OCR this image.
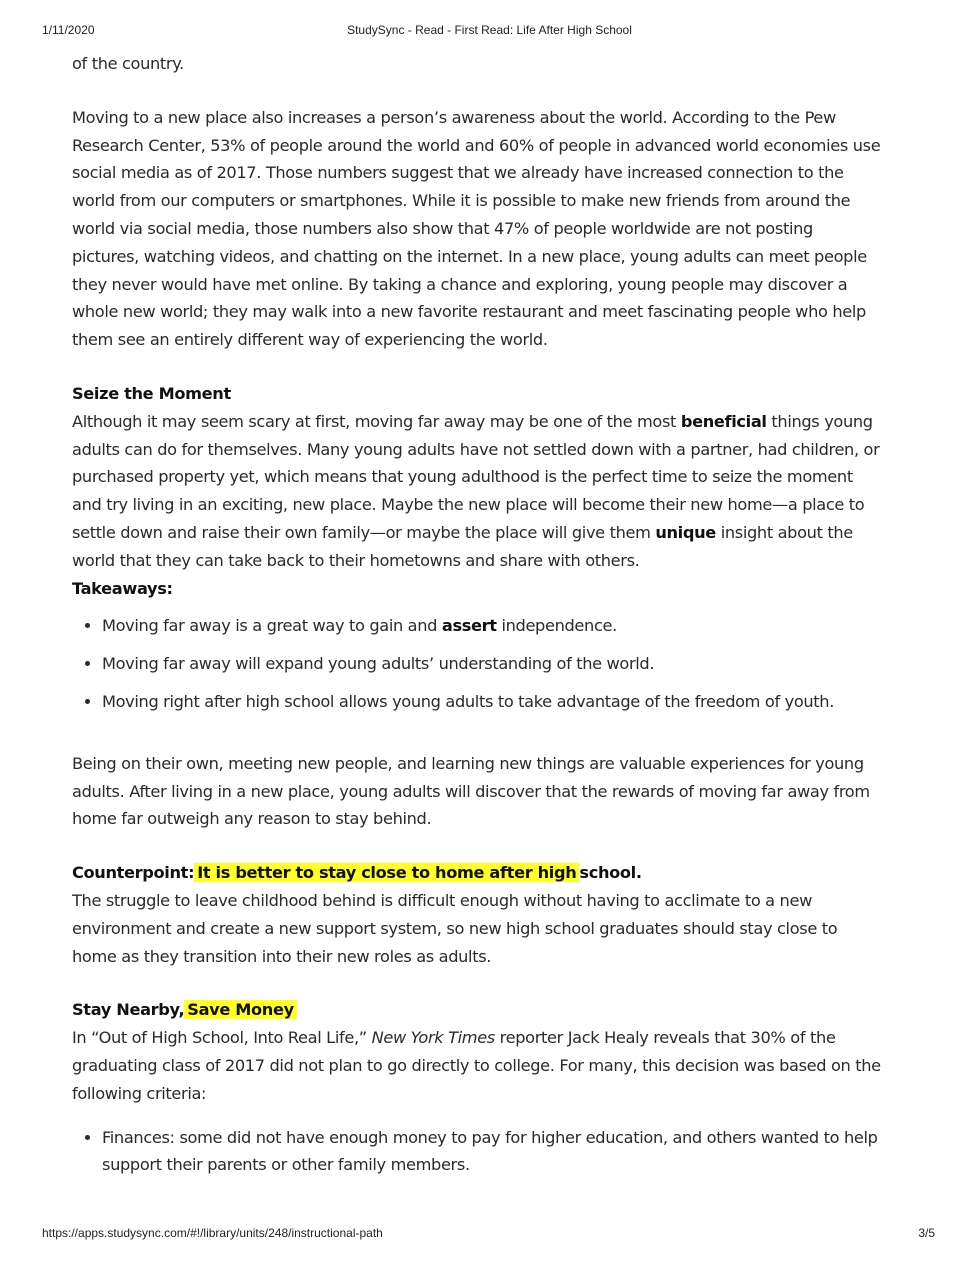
1/11/2020	StudySync - Read - First Read: Life After High School

of the country.

Moving to a new place also increases a person’s awareness about the world. According to the Pew Research Center, 53% of people around the world and 60% of people in advanced world economies use social media as of 2017. Those numbers suggest that we already have increased connection to the world from our computers or smartphones. While it is possible to make new friends from around the world via social media, those numbers also show that 47% of people worldwide are not posting pictures, watching videos, and chatting on the internet. In a new place, young adults can meet people they never would have met online. By taking a chance and exploring, young people may discover a whole new world; they may walk into a new favorite restaurant and meet fascinating people who help them see an entirely different way of experiencing the world.

Seize the Moment

Although it may seem scary at first, moving far away may be one of the most beneficial things young adults can do for themselves. Many young adults have not settled down with a partner, had children, or purchased property yet, which means that young adulthood is the perfect time to seize the moment and try living in an exciting, new place. Maybe the new place will become their new home—a place to settle down and raise their own family—or maybe the place will give them unique insight about the world that they can take back to their hometowns and share with others.

Takeaways:

• Moving far away is a great way to gain and assert independence.
• Moving far away will expand young adults’ understanding of the world.
• Moving right after high school allows young adults to take advantage of the freedom of youth.

Being on their own, meeting new people, and learning new things are valuable experiences for young adults. After living in a new place, young adults will discover that the rewards of moving far away from home far outweigh any reason to stay behind.

Counterpoint: It is better to stay close to home after high school.

The struggle to leave childhood behind is difficult enough without having to acclimate to a new environment and create a new support system, so new high school graduates should stay close to home as they transition into their new roles as adults.

Stay Nearby, Save Money

In “Out of High School, Into Real Life,” New York Times reporter Jack Healy reveals that 30% of the graduating class of 2017 did not plan to go directly to college. For many, this decision was based on the following criteria:

• Finances: some did not have enough money to pay for higher education, and others wanted to help support their parents or other family members.
https://apps.studysync.com/#!/library/units/248/instructional-path	3/5
